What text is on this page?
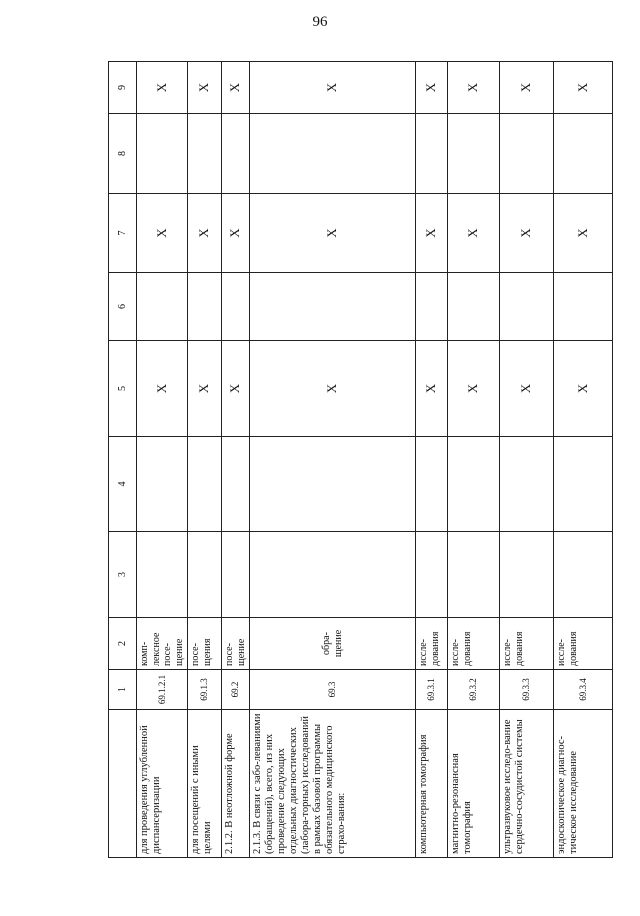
96
	1	2	3	4	5	6	7	8	9
для проведения углубленной диспансеризации	69.1.2.1	комп-лексное посе-щение			X		X		X
для посещений с иными целями	69.1.3	посе-щения			X		X		X
2.1.2. В неотложной форме	69.2	посе-щение			X		X		X
2.1.3. В связи с забо-леваниями (обращений), всего, из них проведение следующих отдельных диагностических (лабора-торных) исследований в рамках базовой программы обязательного медицинского страхо-вания:	69.3	обра-щение			X		X		X
компьютерная томография	69.3.1	иссле-дования			X		X		X
магнитно-резонансная томография	69.3.2	иссле-дования			X		X		X
ультразвуковое исследо-вание сердечно-сосудистой системы	69.3.3	иссле-дования			X		X		X
эндоскопическое диагнос-тическое исследование	69.3.4	иссле-дования			X		X		X
